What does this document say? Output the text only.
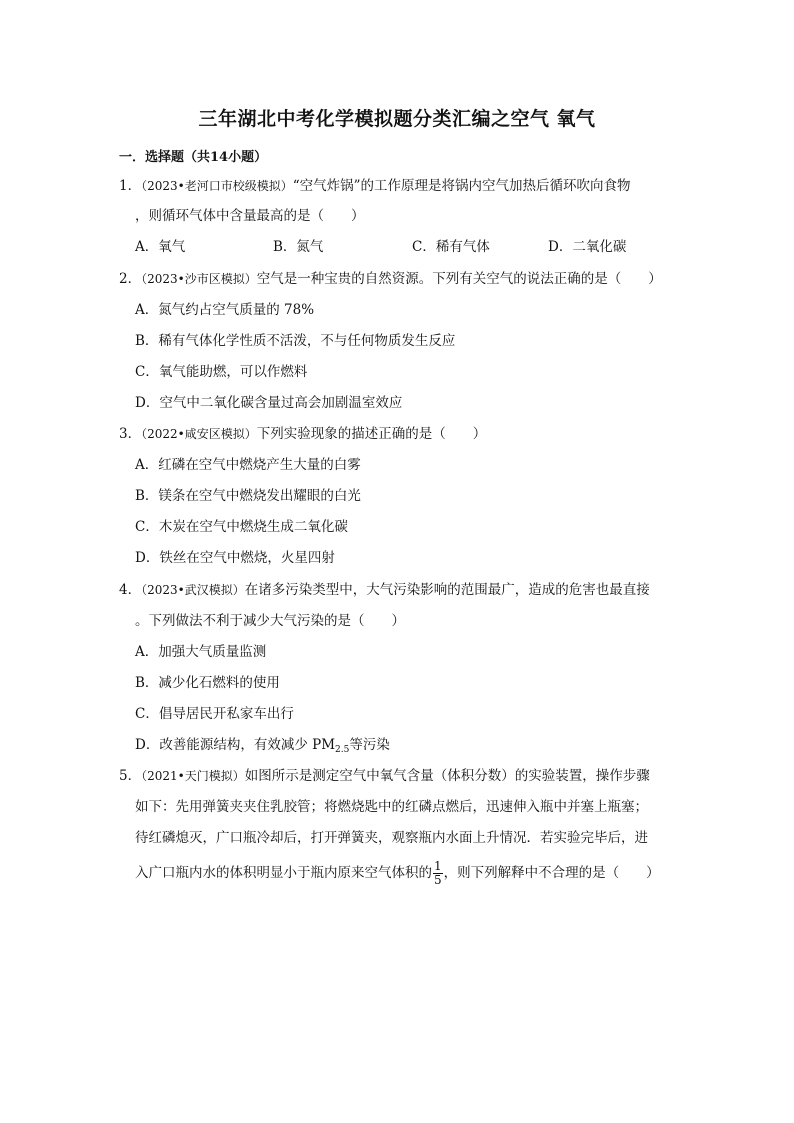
三年湖北中考化学模拟题分类汇编之空气 氧气
一．选择题（共14小题）
1．（2023•老河口市校级模拟）“空气炸锅”的工作原理是将锅内空气加热后循环吹向食物
，则循环气体中含量最高的是（　　）
A．氧气	B．氮气	C．稀有气体	D．二氧化碳
2．（2023•沙市区模拟）空气是一种宝贵的自然资源。下列有关空气的说法正确的是（　　）
A．氮气约占空气质量的 78%
B．稀有气体化学性质不活泼，不与任何物质发生反应
C．氧气能助燃，可以作燃料
D．空气中二氧化碳含量过高会加剧温室效应
3．（2022•咸安区模拟）下列实验现象的描述正确的是（　　）
A．红磷在空气中燃烧产生大量的白雾
B．镁条在空气中燃烧发出耀眼的白光
C．木炭在空气中燃烧生成二氧化碳
D．铁丝在空气中燃烧，火星四射
4．（2023•武汉模拟）在诸多污染类型中，大气污染影响的范围最广，造成的危害也最直接
。下列做法不利于减少大气污染的是（　　）
A．加强大气质量监测
B．减少化石燃料的使用
C．倡导居民开私家车出行
D．改善能源结构，有效减少 $PM_{2.5}$等污染
5．（2021•天门模拟）如图所示是测定空气中氧气含量（体积分数）的实验装置，操作步骤
如下：先用弹簧夹夹住乳胶管；将燃烧匙中的红磷点燃后，迅速伸入瓶中并塞上瓶塞；
待红磷熄灭，广口瓶冷却后，打开弹簧夹，观察瓶内水面上升情况．若实验完毕后，进
入广口瓶内水的体积明显小于瓶内原来空气体积的 $\frac{1}{5}$ ，则下列解释中不合理的是（　　）
